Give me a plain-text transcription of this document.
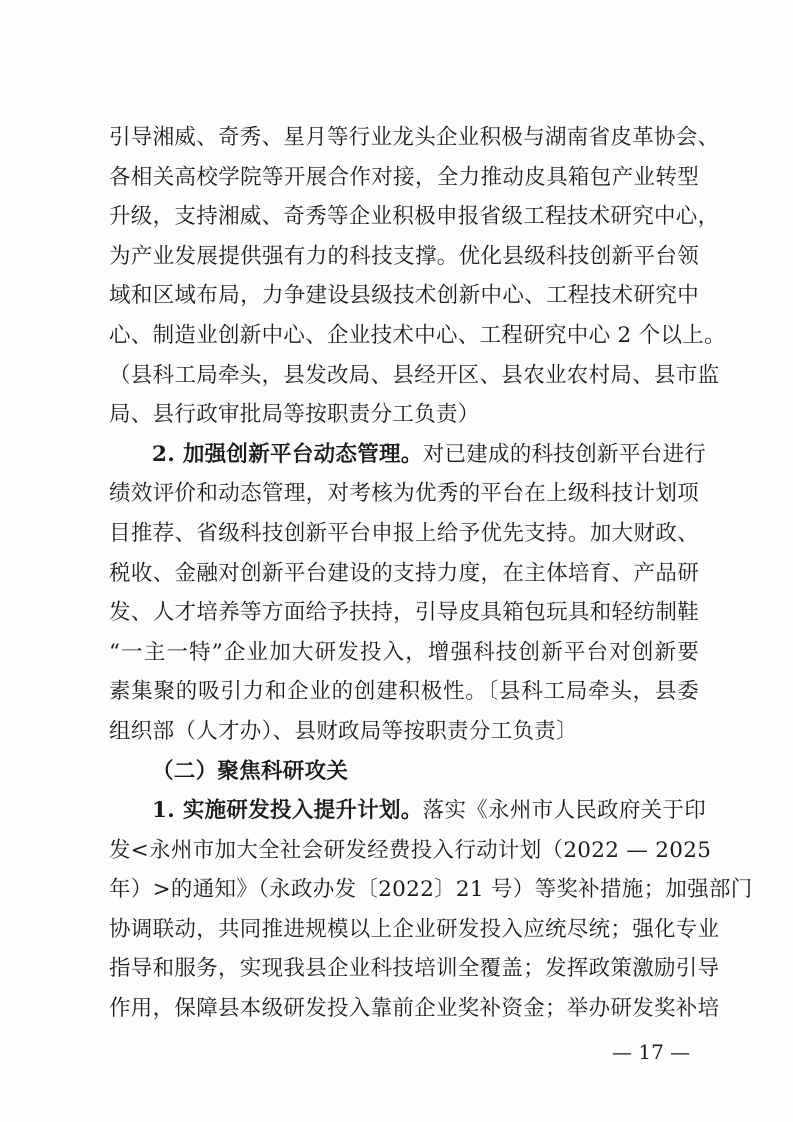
引导湘威、奇秀、星月等行业龙头企业积极与湖南省皮革协会、
各相关高校学院等开展合作对接，全力推动皮具箱包产业转型
升级，支持湘威、奇秀等企业积极申报省级工程技术研究中心，
为产业发展提供强有力的科技支撑。优化县级科技创新平台领
域和区域布局，力争建设县级技术创新中心、工程技术研究中
心、制造业创新中心、企业技术中心、工程研究中心 2 个以上。
（县科工局牵头，县发改局、县经开区、县农业农村局、县市监
局、县行政审批局等按职责分工负责）
2. 加强创新平台动态管理。对已建成的科技创新平台进行
绩效评价和动态管理，对考核为优秀的平台在上级科技计划项
目推荐、省级科技创新平台申报上给予优先支持。加大财政、
税收、金融对创新平台建设的支持力度，在主体培育、产品研
发、人才培养等方面给予扶持，引导皮具箱包玩具和轻纺制鞋
“一主一特”企业加大研发投入，增强科技创新平台对创新要
素集聚的吸引力和企业的创建积极性。〔县科工局牵头，县委
组织部（人才办）、县财政局等按职责分工负责〕
（二）聚焦科研攻关
1. 实施研发投入提升计划。落实《永州市人民政府关于印
发<永州市加大全社会研发经费投入行动计划（2022 — 2025
年）>的通知》（永政办发〔2022〕21 号）等奖补措施；加强部门
协调联动，共同推进规模以上企业研发投入应统尽统；强化专业
指导和服务，实现我县企业科技培训全覆盖；发挥政策激励引导
作用，保障县本级研发投入靠前企业奖补资金；举办研发奖补培
— 17 —
